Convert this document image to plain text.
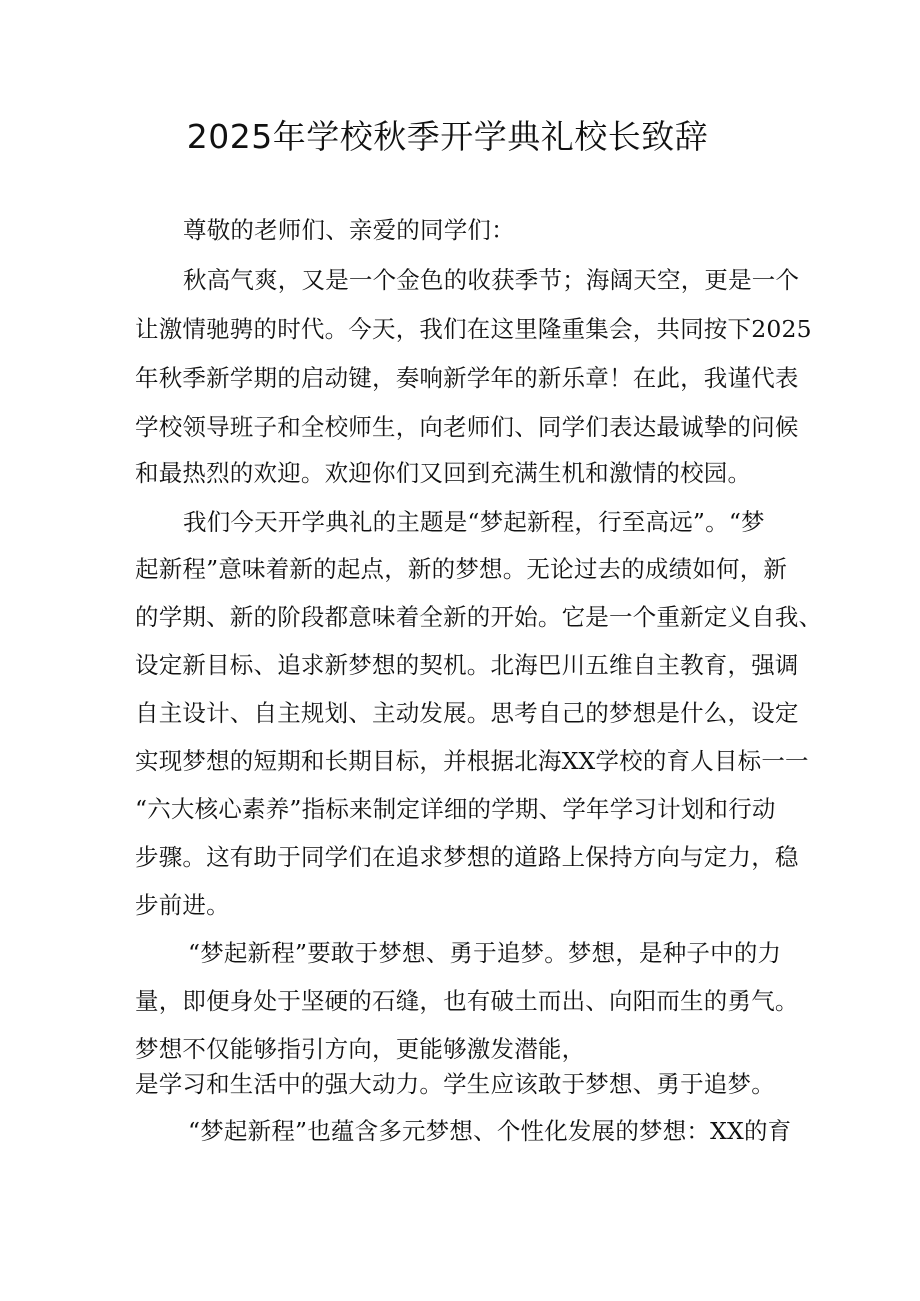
2025年学校秋季开学典礼校长致辞
尊敬的老师们、亲爱的同学们：
秋高气爽，又是一个金色的收获季节；海阔天空，更是一个
让激情驰骋的时代。今天，我们在这里隆重集会，共同按下2025
年秋季新学期的启动键，奏响新学年的新乐章！在此，我谨代表
学校领导班子和全校师生，向老师们、同学们表达最诚挚的问候
和最热烈的欢迎。欢迎你们又回到充满生机和激情的校园。
我们今天开学典礼的主题是“梦起新程，行至高远”。“梦
起新程”意味着新的起点，新的梦想。无论过去的成绩如何，新
的学期、新的阶段都意味着全新的开始。它是一个重新定义自我、
设定新目标、追求新梦想的契机。北海巴川五维自主教育，强调
自主设计、自主规划、主动发展。思考自己的梦想是什么，设定
实现梦想的短期和长期目标，并根据北海XX学校的育人目标一一
“六大核心素养”指标来制定详细的学期、学年学习计划和行动
步骤。这有助于同学们在追求梦想的道路上保持方向与定力，稳
步前进。
“梦起新程”要敢于梦想、勇于追梦。梦想，是种子中的力
量，即便身处于坚硬的石缝，也有破土而出、向阳而生的勇气。
梦想不仅能够指引方向，更能够激发潜能，
是学习和生活中的强大动力。学生应该敢于梦想、勇于追梦。
“梦起新程”也蕴含多元梦想、个性化发展的梦想：XX的育
